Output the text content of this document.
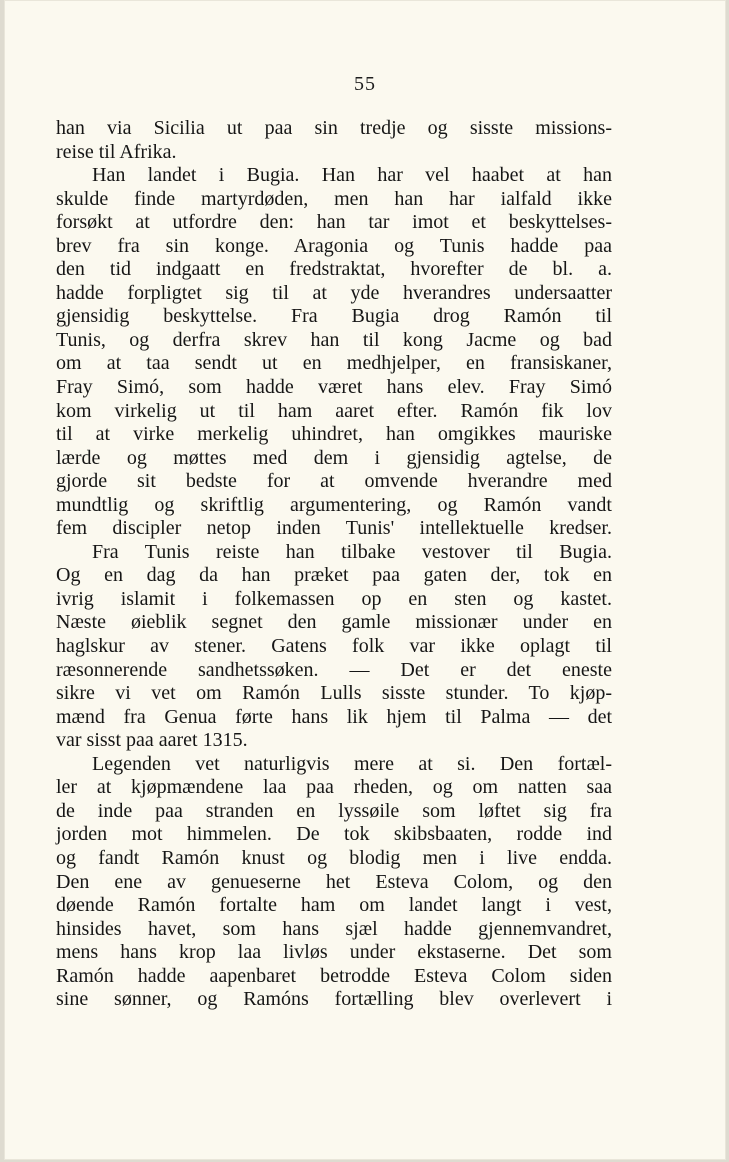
55
han via Sicilia ut paa sin tredje og sisste missions-
reise til Afrika.
Han landet i Bugia. Han har vel haabet at han
skulde finde martyrdøden, men han har ialfald ikke
forsøkt at utfordre den: han tar imot et beskyttelses-
brev fra sin konge. Aragonia og Tunis hadde paa
den tid indgaatt en fredstraktat, hvorefter de bl. a.
hadde forpligtet sig til at yde hverandres undersaatter
gjensidig beskyttelse. Fra Bugia drog Ramón til
Tunis, og derfra skrev han til kong Jacme og bad
om at taa sendt ut en medhjelper, en fransiskaner,
Fray Simó, som hadde været hans elev. Fray Simó
kom virkelig ut til ham aaret efter. Ramón fik lov
til at virke merkelig uhindret, han omgikkes mauriske
lærde og møttes med dem i gjensidig agtelse, de
gjorde sit bedste for at omvende hverandre med
mundtlig og skriftlig argumentering, og Ramón vandt
fem discipler netop inden Tunis' intellektuelle kredser.
Fra Tunis reiste han tilbake vestover til Bugia.
Og en dag da han præket paa gaten der, tok en
ivrig islamit i folkemassen op en sten og kastet.
Næste øieblik segnet den gamle missionær under en
haglskur av stener. Gatens folk var ikke oplagt til
ræsonnerende sandhetssøken. — Det er det eneste
sikre vi vet om Ramón Lulls sisste stunder. To kjøp-
mænd fra Genua førte hans lik hjem til Palma — det
var sisst paa aaret 1315.
Legenden vet naturligvis mere at si. Den fortæl-
ler at kjøpmændene laa paa rheden, og om natten saa
de inde paa stranden en lyssøile som løftet sig fra
jorden mot himmelen. De tok skibsbaaten, rodde ind
og fandt Ramón knust og blodig men i live endda.
Den ene av genueserne het Esteva Colom, og den
døende Ramón fortalte ham om landet langt i vest,
hinsides havet, som hans sjæl hadde gjennemvandret,
mens hans krop laa livløs under ekstaserne. Det som
Ramón hadde aapenbaret betrodde Esteva Colom siden
sine sønner, og Ramóns fortælling blev overlevert i
